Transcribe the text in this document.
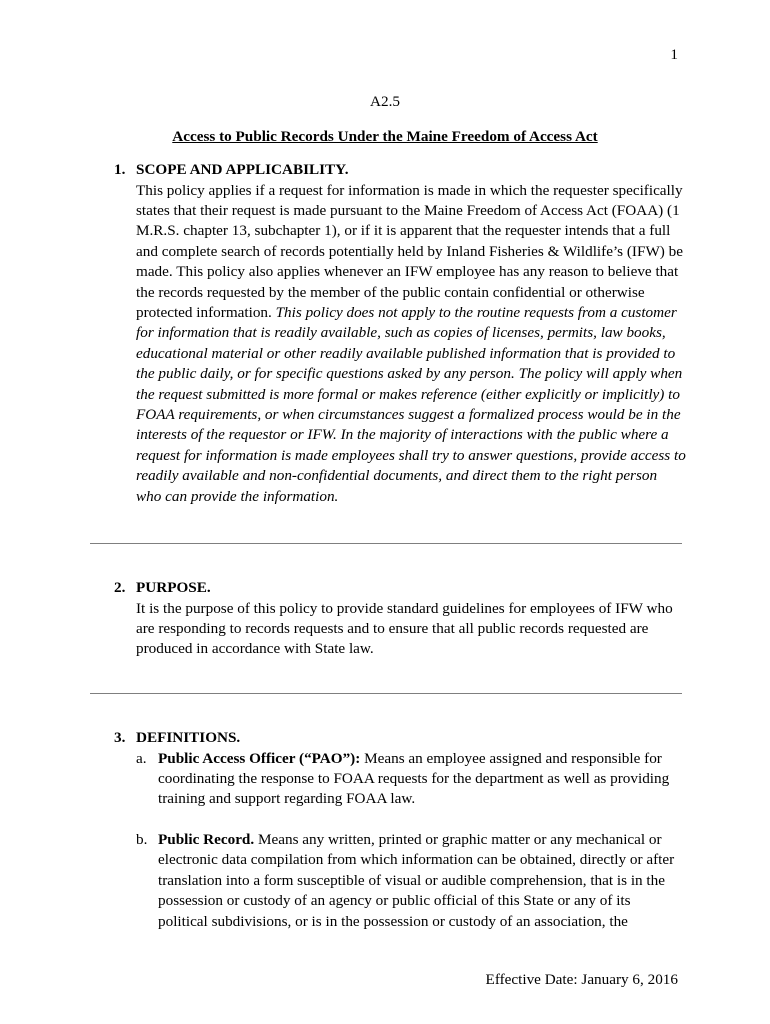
1
A2.5
Access to Public Records Under the Maine Freedom of Access Act
1. SCOPE AND APPLICABILITY.

This policy applies if a request for information is made in which the requester specifically states that their request is made pursuant to the Maine Freedom of Access Act (FOAA) (1 M.R.S. chapter 13, subchapter 1), or if it is apparent that the requester intends that a full and complete search of records potentially held by Inland Fisheries & Wildlife’s (IFW) be made. This policy also applies whenever an IFW employee has any reason to believe that the records requested by the member of the public contain confidential or otherwise protected information. This policy does not apply to the routine requests from a customer for information that is readily available, such as copies of licenses, permits, law books, educational material or other readily available published information that is provided to the public daily, or for specific questions asked by any person. The policy will apply when the request submitted is more formal or makes reference (either explicitly or implicitly) to FOAA requirements, or when circumstances suggest a formalized process would be in the interests of the requestor or IFW. In the majority of interactions with the public where a request for information is made employees shall try to answer questions, provide access to readily available and non-confidential documents, and direct them to the right person who can provide the information.

2. PURPOSE.

It is the purpose of this policy to provide standard guidelines for employees of IFW who are responding to records requests and to ensure that all public records requested are produced in accordance with State law.

3. DEFINITIONS.
a. Public Access Officer (“PAO”): Means an employee assigned and responsible for coordinating the response to FOAA requests for the department as well as providing training and support regarding FOAA law.
b. Public Record. Means any written, printed or graphic matter or any mechanical or electronic data compilation from which information can be obtained, directly or after translation into a form susceptible of visual or audible comprehension, that is in the possession or custody of an agency or public official of this State or any of its political subdivisions, or is in the possession or custody of an association, the
Effective Date: January 6, 2016
